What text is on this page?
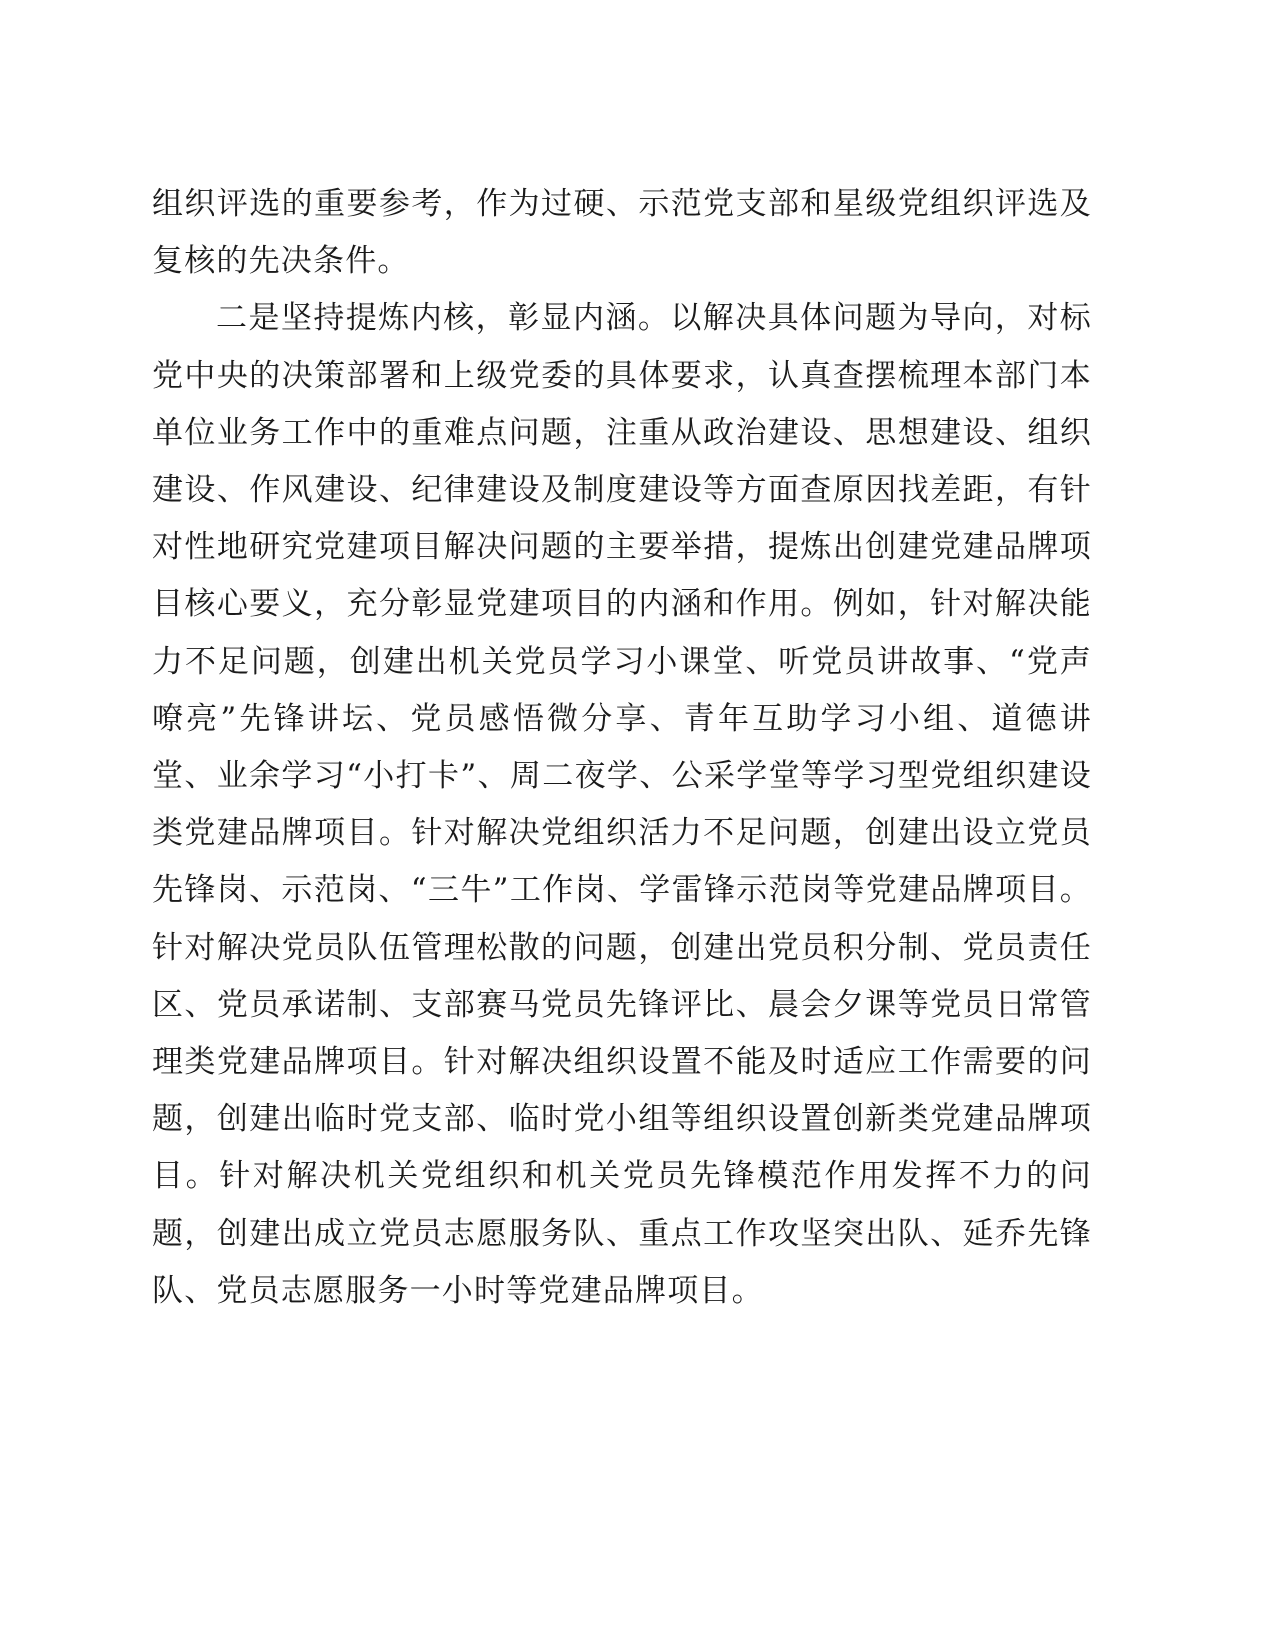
组织评选的重要参考，作为过硬、示范党支部和星级党组织评选及复核的先决条件。

二是坚持提炼内核，彰显内涵。以解决具体问题为导向，对标党中央的决策部署和上级党委的具体要求，认真查摆梳理本部门本单位业务工作中的重难点问题，注重从政治建设、思想建设、组织建设、作风建设、纪律建设及制度建设等方面查原因找差距，有针对性地研究党建项目解决问题的主要举措，提炼出创建党建品牌项目核心要义，充分彰显党建项目的内涵和作用。例如，针对解决能力不足问题，创建出机关党员学习小课堂、听党员讲故事、“党声嘹亮”先锋讲坛、党员感悟微分享、青年互助学习小组、道德讲堂、业余学习“小打卡”、周二夜学、公采学堂等学习型党组织建设类党建品牌项目。针对解决党组织活力不足问题，创建出设立党员先锋岗、示范岗、“三牛”工作岗、学雷锋示范岗等党建品牌项目。针对解决党员队伍管理松散的问题，创建出党员积分制、党员责任区、党员承诺制、支部赛马党员先锋评比、晨会夕课等党员日常管理类党建品牌项目。针对解决组织设置不能及时适应工作需要的问题，创建出临时党支部、临时党小组等组织设置创新类党建品牌项目。针对解决机关党组织和机关党员先锋模范作用发挥不力的问题，创建出成立党员志愿服务队、重点工作攻坚突出队、延乔先锋队、党员志愿服务一小时等党建品牌项目。
